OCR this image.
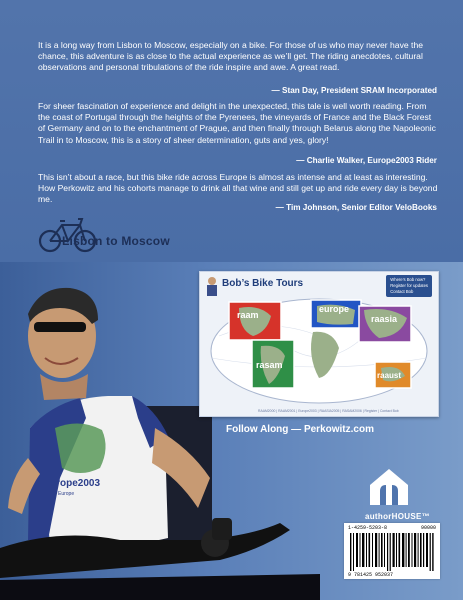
It is a long way from Lisbon to Moscow, especially on a bike. For those of us who may never have the chance, this adventure is as close to the actual experience as we’ll get. The riding anecdotes, cultural observations and personal tribulations of the ride inspire and awe. A great read.

— Stan Day, President SRAM Incorporated

For sheer fascination of experience and delight in the unexpected, this tale is well worth reading. From the coast of Portugal through the heights of the Pyrenees, the vineyards of France and the Black Forest of Germany and on to the enchantment of Prague, and then finally through Belarus along the Napoleonic Trail in to Moscow, this is a story of sheer determination, guts and yes, glory!

— Charlie Walker, Europe2003 Rider

This isn’t about a race, but this bike ride across Europe is almost as intense and at least as interesting. How Perkowitz and his cohorts manage to drink all that wine and still get up and ride every day is beyond me.

— Tim Johnson, Senior Editor VeloBooks
Lisbon to Moscow
urope2003
Europe
Bob’s Bike Tours	Where’s Bob now?
Register for updates
Contact Bob
raam
europe
raasia
rasam
raaust
RAAM2000 | RAAM2001 | Europe2003 | RAASIA2005 | RASAM2006 | Register | Contact Bob
Follow Along — Perkowitz.com
authorHOUSE™
1-4259-5203-8	90000
9 781425 952037
